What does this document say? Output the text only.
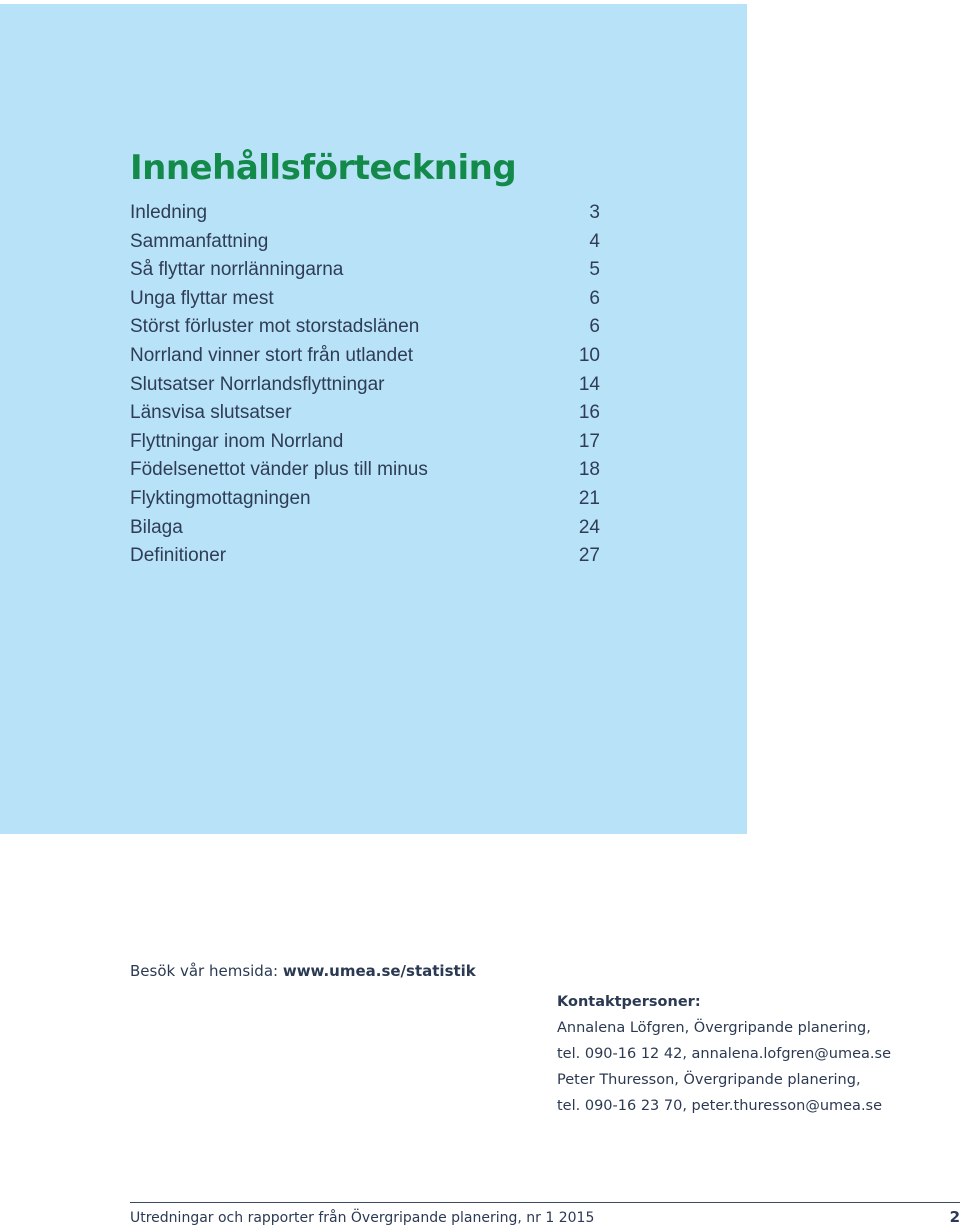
Innehållsförteckning
Inledning	3
Sammanfattning	4
Så flyttar norrlänningarna	5
Unga flyttar mest	6
Störst förluster mot storstadslänen	6
Norrland vinner stort från utlandet	10
Slutsatser Norrlandsflyttningar	14
Länsvisa slutsatser	16
Flyttningar inom Norrland	17
Födelsenettot vänder plus till minus	18
Flyktingmottagningen	21
Bilaga	24
Definitioner	27

Besök vår hemsida: www.umea.se/statistik

Kontaktpersoner:
Annalena Löfgren, Övergripande planering,
tel. 090-16 12 42, annalena.lofgren@umea.se
Peter Thuresson, Övergripande planering,
tel. 090-16 23 70, peter.thuresson@umea.se
Utredningar och rapporter från Övergripande planering, nr 1 2015	2
